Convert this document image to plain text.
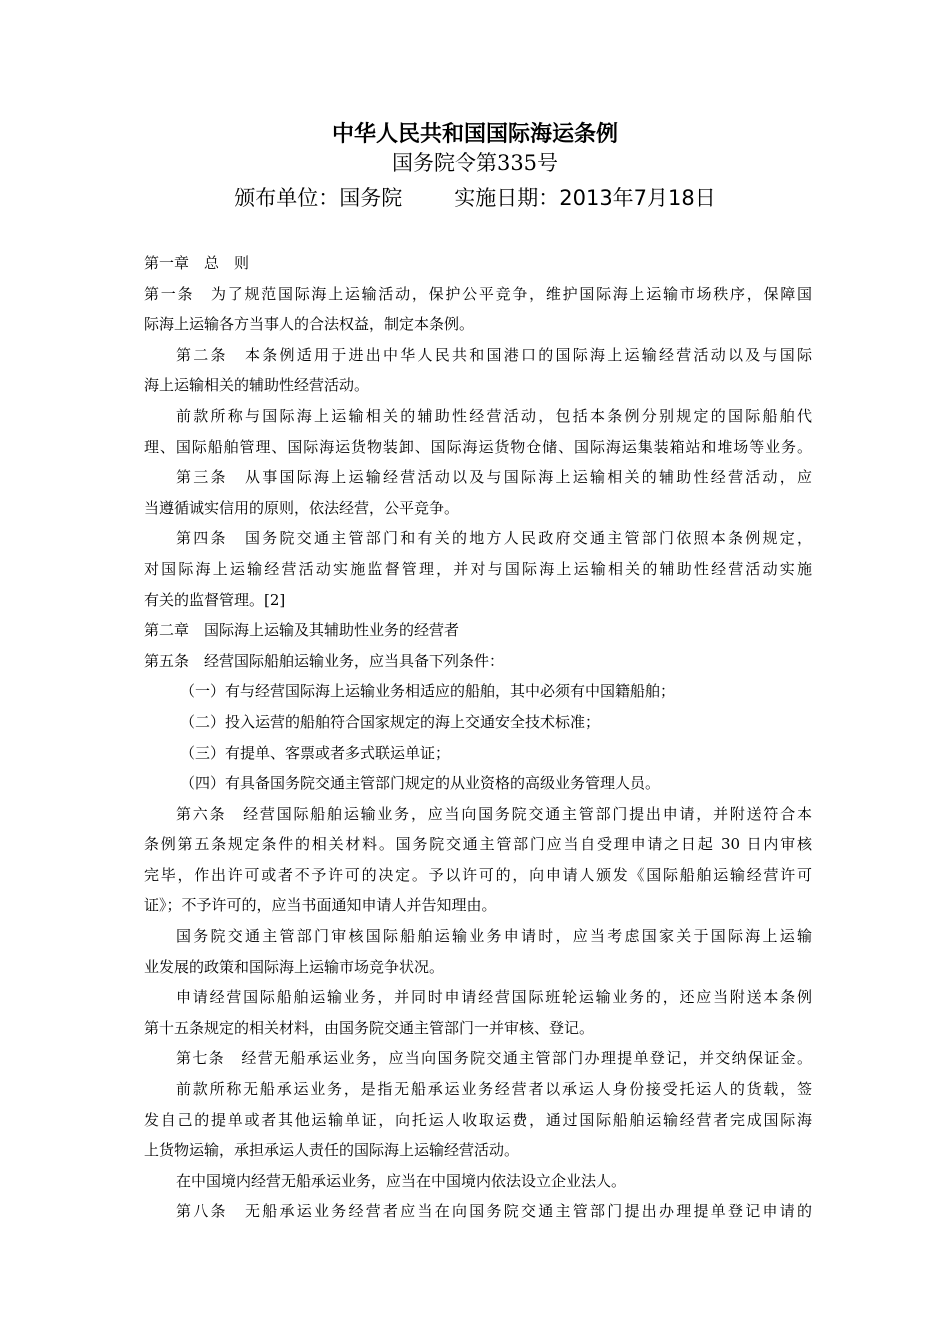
中华人民共和国国际海运条例
国务院令第335号
颁布单位：国务院 实施日期：2013年7月18日
第一章　总　则
第一条　为了规范国际海上运输活动，保护公平竞争，维护国际海上运输市场秩序，保障国
际海上运输各方当事人的合法权益，制定本条例。
第二条　本条例适用于进出中华人民共和国港口的国际海上运输经营活动以及与国际
海上运输相关的辅助性经营活动。
前款所称与国际海上运输相关的辅助性经营活动，包括本条例分别规定的国际船舶代
理、国际船舶管理、国际海运货物装卸、国际海运货物仓储、国际海运集装箱站和堆场等业务。
第三条　从事国际海上运输经营活动以及与国际海上运输相关的辅助性经营活动，应
当遵循诚实信用的原则，依法经营，公平竞争。
第四条　国务院交通主管部门和有关的地方人民政府交通主管部门依照本条例规定，
对国际海上运输经营活动实施监督管理，并对与国际海上运输相关的辅助性经营活动实施
有关的监督管理。[2]
第二章　国际海上运输及其辅助性业务的经营者
第五条　经营国际船舶运输业务，应当具备下列条件：
（一）有与经营国际海上运输业务相适应的船舶，其中必须有中国籍船舶；
（二）投入运营的船舶符合国家规定的海上交通安全技术标准；
（三）有提单、客票或者多式联运单证；
（四）有具备国务院交通主管部门规定的从业资格的高级业务管理人员。
第六条　经营国际船舶运输业务，应当向国务院交通主管部门提出申请，并附送符合本
条例第五条规定条件的相关材料。国务院交通主管部门应当自受理申请之日起 30 日内审核
完毕，作出许可或者不予许可的决定。予以许可的，向申请人颁发《国际船舶运输经营许可
证》；不予许可的，应当书面通知申请人并告知理由。
国务院交通主管部门审核国际船舶运输业务申请时，应当考虑国家关于国际海上运输
业发展的政策和国际海上运输市场竞争状况。
申请经营国际船舶运输业务，并同时申请经营国际班轮运输业务的，还应当附送本条例
第十五条规定的相关材料，由国务院交通主管部门一并审核、登记。
第七条　经营无船承运业务，应当向国务院交通主管部门办理提单登记，并交纳保证金。
前款所称无船承运业务，是指无船承运业务经营者以承运人身份接受托运人的货载，签
发自己的提单或者其他运输单证，向托运人收取运费，通过国际船舶运输经营者完成国际海
上货物运输，承担承运人责任的国际海上运输经营活动。
在中国境内经营无船承运业务，应当在中国境内依法设立企业法人。
第八条　无船承运业务经营者应当在向国务院交通主管部门提出办理提单登记申请的
